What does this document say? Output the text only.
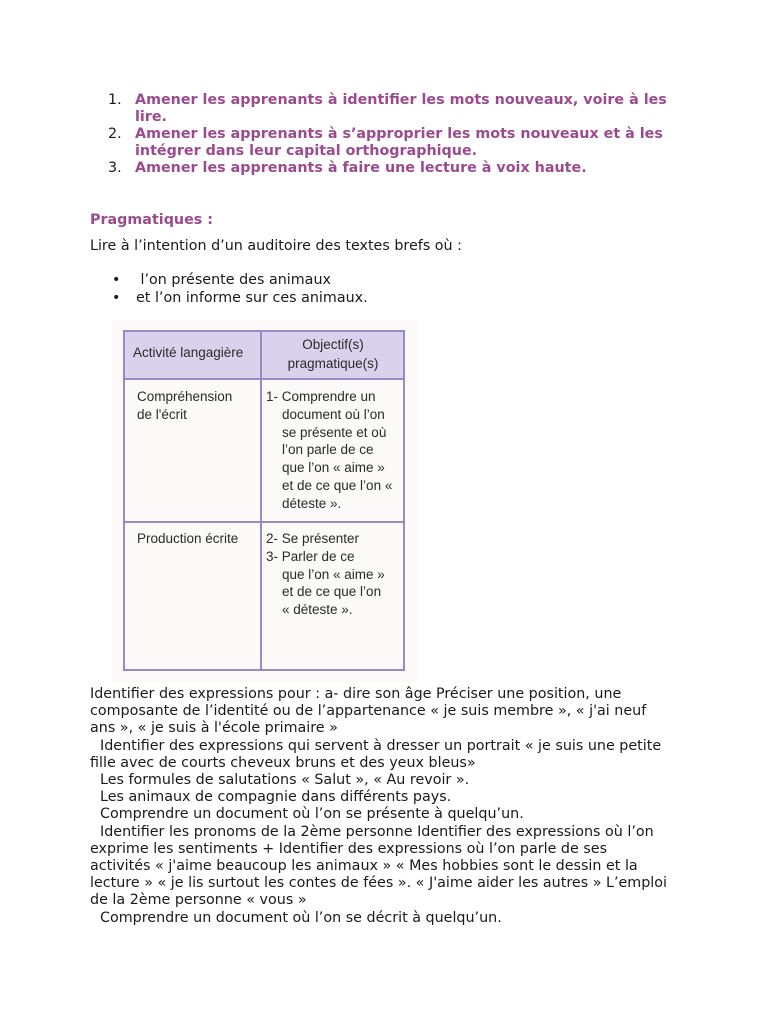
1. Amener les apprenants à identifier les mots nouveaux, voire à les
lire.
2. Amener les apprenants à s’approprier les mots nouveaux et à les
intégrer dans leur capital orthographique.
3. Amener les apprenants à faire une lecture à voix haute.

Pragmatiques :

Lire à l’intention d’un auditoire des textes brefs où :

• l’on présente des animaux
• et l’on informe sur ces animaux.
Activité langagière
Objectif(s)
pragmatique(s)
Compréhension
de l'écrit
1- Comprendre un
document où l’on
se présente et où
l’on parle de ce
que l’on « aime »
et de ce que l’on «
déteste ».
Production écrite 2- Se présenter
3- Parler de ce
que l’on « aime »
et de ce que l’on
« déteste ».

Identifier des expressions pour : a- dire son âge Préciser une position, une
composante de l’identité ou de l’appartenance « je suis membre », « j'ai neuf
ans », « je suis à l'école primaire »

Identifier des expressions qui servent à dresser un portrait « je suis une petite
fille avec de courts cheveux bruns et des yeux bleus»

Les formules de salutations « Salut », « Au revoir ».

Les animaux de compagnie dans différents pays.

Comprendre un document où l’on se présente à quelqu’un.

Identifier les pronoms de la 2ème personne Identifier des expressions où l’on
exprime les sentiments + Identifier des expressions où l’on parle de ses
activités « j'aime beaucoup les animaux » « Mes hobbies sont le dessin et la
lecture » « je lis surtout les contes de fées ». « J'aime aider les autres » L’emploi
de la 2ème personne « vous »

Comprendre un document où l’on se décrit à quelqu’un.
